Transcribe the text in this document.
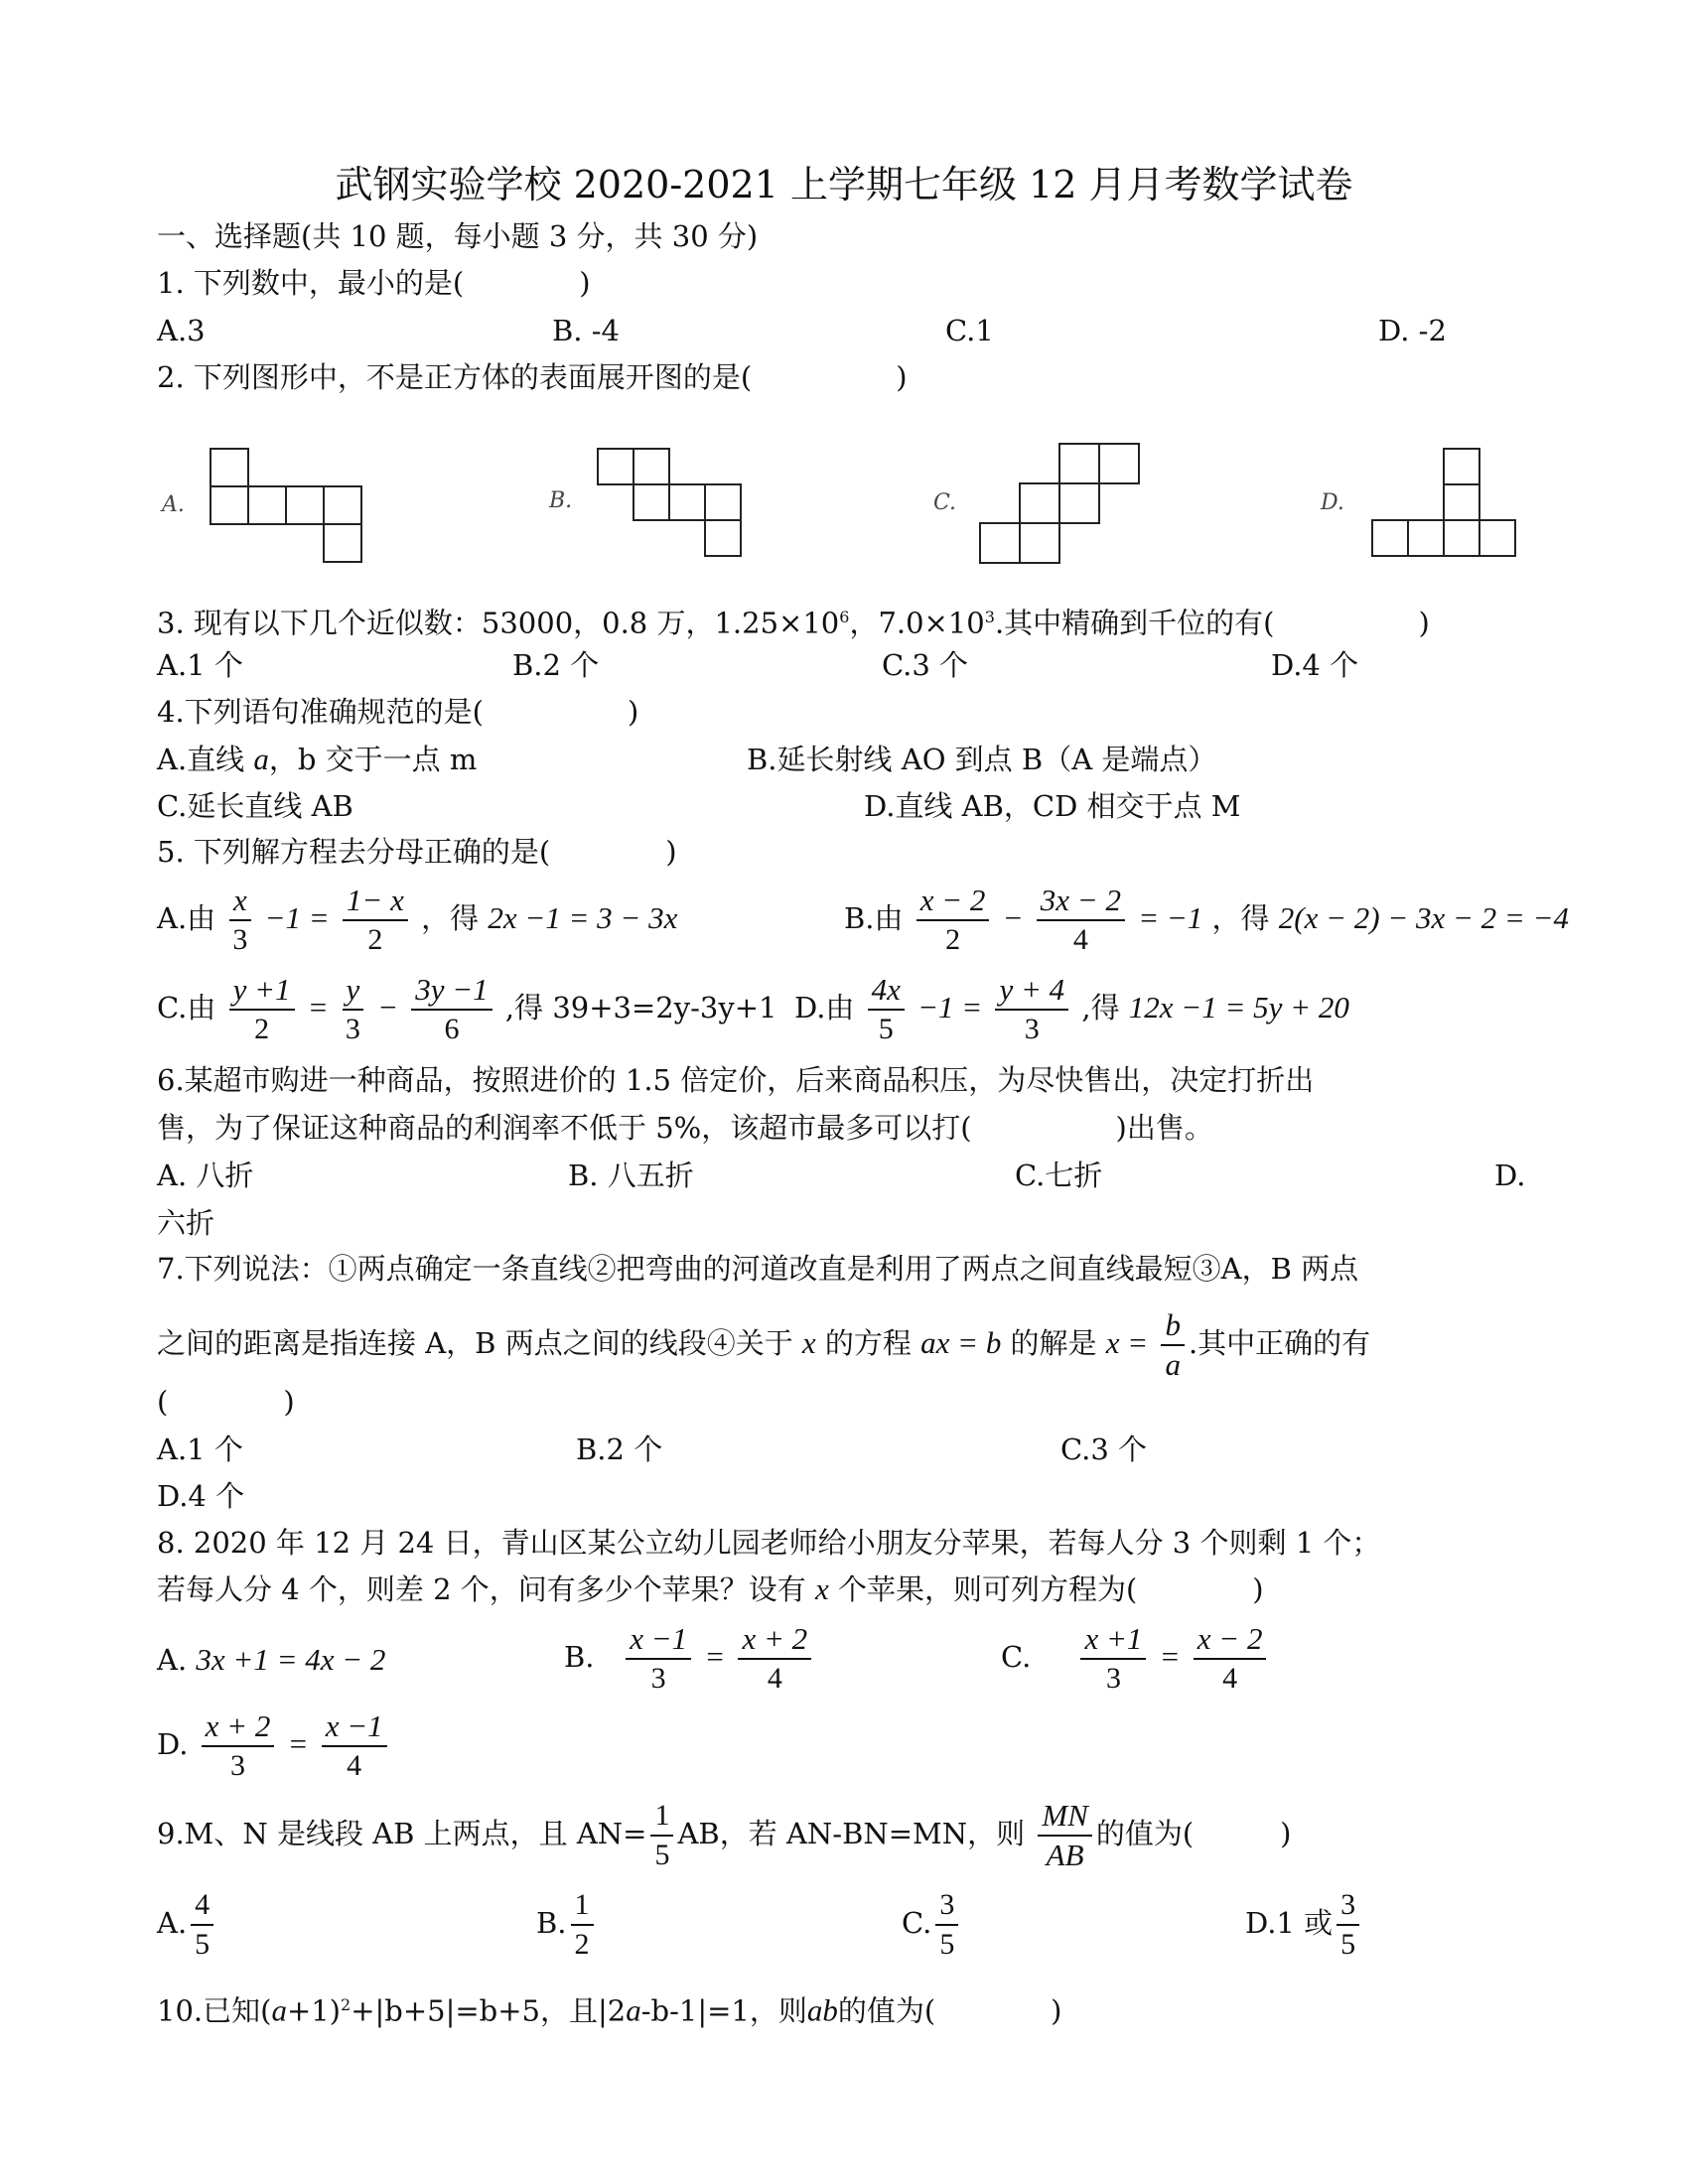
武钢实验学校 2020-2021 上学期七年级 12 月月考数学试卷
一、选择题(共 10 题，每小题 3 分，共 30 分)
1. 下列数中，最小的是(　　　　)
A.3	B. -4	C.1	D. -2
2. 下列图形中，不是正方体的表面展开图的是(　　　　　)
A.	B.	C.	D.
3. 现有以下几个近似数：53000，0.8 万，$1.25\times 10^6$，$7.0\times 10^3$.其中精确到千位的有(　　　　　)
A.1 个	B.2 个	C.3 个	D.4 个
4.下列语句准确规范的是(　　　　　)
A.直线 a，b 交于一点 m	B.延长射线 AO 到点 B（A 是端点）
C.延长直线 AB	D.直线 AB，CD 相交于点 M
5. 下列解方程去分母正确的是(　　　　)
A.由 $\frac{x}{3} -1 = \frac{1- x}{2}$ ，得 2x −1 = 3 − 3x	B.由 $\frac{x - 2}{2} - \frac{3x - 2}{4} = -1$ ，得 2(x − 2) − 3x − 2 = −4
C.由 $\frac{y +1}{2} = \frac{y}{3} - \frac{3y -1}{6}$ ,得 39+3=2y-3y+1 D.由 $\frac{4x}{5} -1 = \frac{y + 4}{3}$ ,得 12x −1 = 5y + 20
6.某超市购进一种商品，按照进价的 1.5 倍定价，后来商品积压，为尽快售出，决定打折出
售，为了保证这种商品的利润率不低于 5%，该超市最多可以打(　　　　　)出售。
A. 八折	B. 八五折	C.七折	D.
六折
7.下列说法：①两点确定一条直线②把弯曲的河道改直是利用了两点之间直线最短③A，B 两点
之间的距离是指连接 A，B 两点之间的线段④关于 x 的方程 ax = b 的解是 $x = \frac{b}{a}$ .其中正确的有
(　　　　)
A.1 个	B.2 个	C.3 个
D.4 个
8. 2020 年 12 月 24 日，青山区某公立幼儿园老师给小朋友分苹果，若每人分 3 个则剩 1 个；
若每人分 4 个，则差 2 个，问有多少个苹果？设有 x 个苹果，则可列方程为(　　　　)
A. 3x +1 = 4x − 2	B. $\frac{x -1}{3} = \frac{x + 2}{4}$	C. $\frac{x +1}{3} = \frac{x - 2}{4}$
D. $\frac{x + 2}{3} = \frac{x -1}{4}$
9.M、N 是线段 AB 上两点，且 $AN= \frac{1}{5}$ AB，若 AN-BN=MN，则 $\frac{MN}{AB}$ 的值为(　　　)
A. $\frac{4}{5}$	B. $\frac{1}{2}$	C. $\frac{3}{5}$	D.1 或 $\frac{3}{5}$
10.已知$(a+1)^2+|b+5|=b+5$，且|2a-b-1|=1，则ab的值为(　　　　)
